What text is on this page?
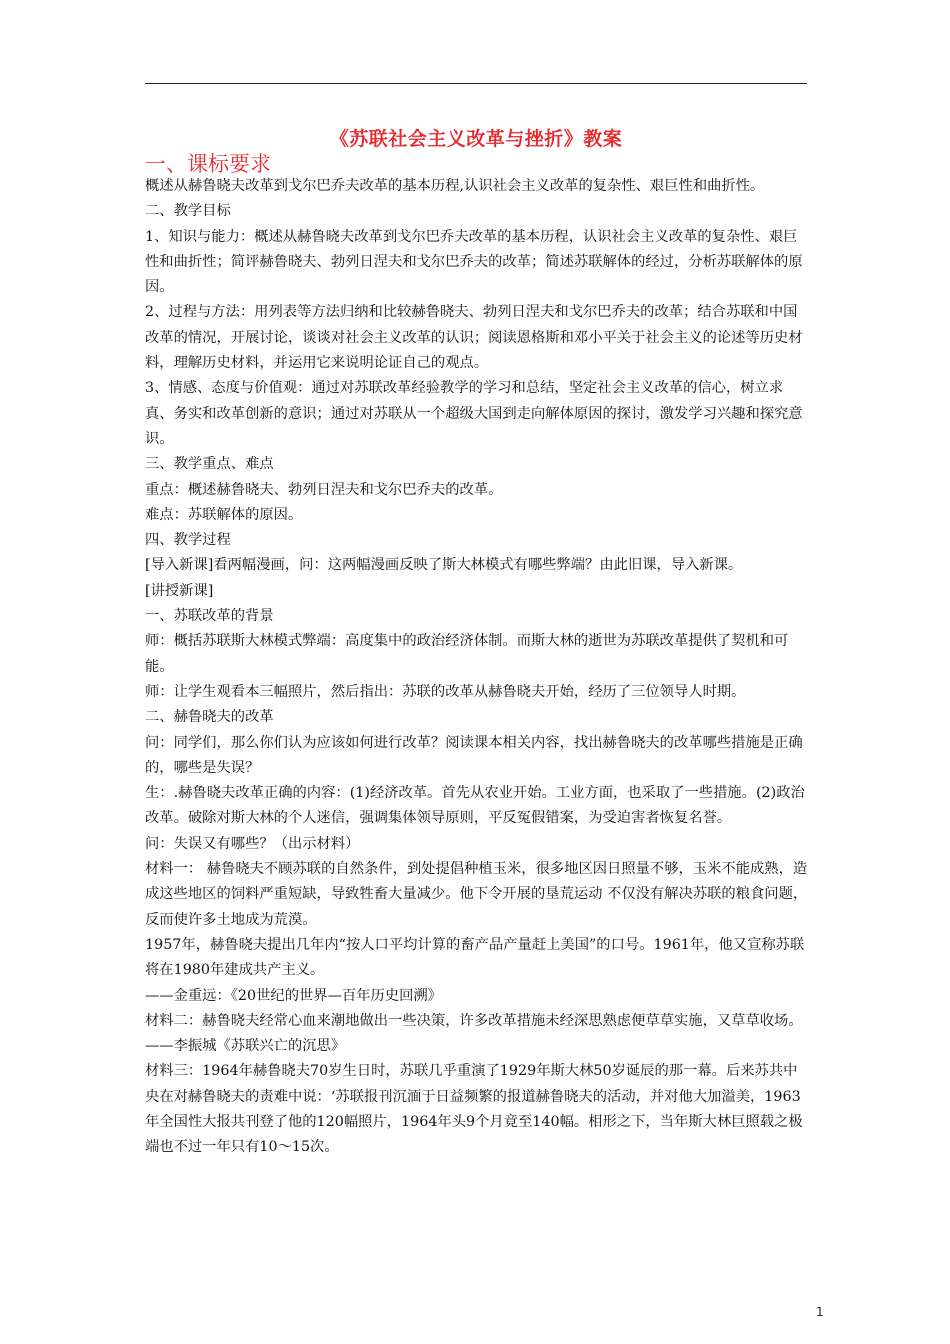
《苏联社会主义改革与挫折》教案
一、课标要求

概述从赫鲁晓夫改革到戈尔巴乔夫改革的基本历程,认识社会主义改革的复杂性、艰巨性和曲折性。

二、教学目标

1、知识与能力：概述从赫鲁晓夫改革到戈尔巴乔夫改革的基本历程，认识社会主义改革的复杂性、艰巨性和曲折性；简评赫鲁晓夫、勃列日涅夫和戈尔巴乔夫的改革；简述苏联解体的经过，分析苏联解体的原因。

2、过程与方法：用列表等方法归纳和比较赫鲁晓夫、勃列日涅夫和戈尔巴乔夫的改革；结合苏联和中国改革的情况，开展讨论，谈谈对社会主义改革的认识；阅读恩格斯和邓小平关于社会主义的论述等历史材料，理解历史材料，并运用它来说明论证自己的观点。

3、情感、态度与价值观：通过对苏联改革经验教学的学习和总结，坚定社会主义改革的信心，树立求真、务实和改革创新的意识；通过对苏联从一个超级大国到走向解体原因的探讨，激发学习兴趣和探究意识。

三、教学重点、难点

重点：概述赫鲁晓夫、勃列日涅夫和戈尔巴乔夫的改革。

难点：苏联解体的原因。

四、教学过程

[导入新课]看两幅漫画，问：这两幅漫画反映了斯大林模式有哪些弊端？由此旧课，导入新课。

[讲授新课]

一、苏联改革的背景

师：概括苏联斯大林模式弊端：高度集中的政治经济体制。而斯大林的逝世为苏联改革提供了契机和可能。

师：让学生观看本三幅照片，然后指出：苏联的改革从赫鲁晓夫开始，经历了三位领导人时期。

二、赫鲁晓夫的改革

问：同学们，那么你们认为应该如何进行改革？阅读课本相关内容，找出赫鲁晓夫的改革哪些措施是正确的，哪些是失误？

生：.赫鲁晓夫改革正确的内容：(1)经济改革。首先从农业开始。工业方面，也采取了一些措施。(2)政治改革。破除对斯大林的个人迷信，强调集体领导原则，平反冤假错案，为受迫害者恢复名誉。

问：失误又有哪些？（出示材料）

材料一： 赫鲁晓夫不顾苏联的自然条件，到处提倡种植玉米，很多地区因日照量不够，玉米不能成熟，造成这些地区的饲料严重短缺，导致牲畜大量减少。他下令开展的垦荒运动 不仅没有解决苏联的粮食问题，反而使许多土地成为荒漠。

1957年，赫鲁晓夫提出几年内“按人口平均计算的畜产品产量赶上美国”的口号。1961年，他又宣称苏联将在1980年建成共产主义。

——金重远：《20世纪的世界—百年历史回溯》

材料二：赫鲁晓夫经常心血来潮地做出一些决策，许多改革措施未经深思熟虑便草草实施，又草草收场。 ——李振城《苏联兴亡的沉思》

材料三：1964年赫鲁晓夫70岁生日时，苏联几乎重演了1929年斯大林50岁诞辰的那一幕。后来苏共中央在对赫鲁晓夫的责难中说：‘苏联报刊沉湎于日益频繁的报道赫鲁晓夫的活动，并对他大加溢美，1963年全国性大报共刊登了他的120幅照片，1964年头9个月竟至140幅。相形之下，当年斯大林巨照载之极端也不过一年只有10～15次。

1
